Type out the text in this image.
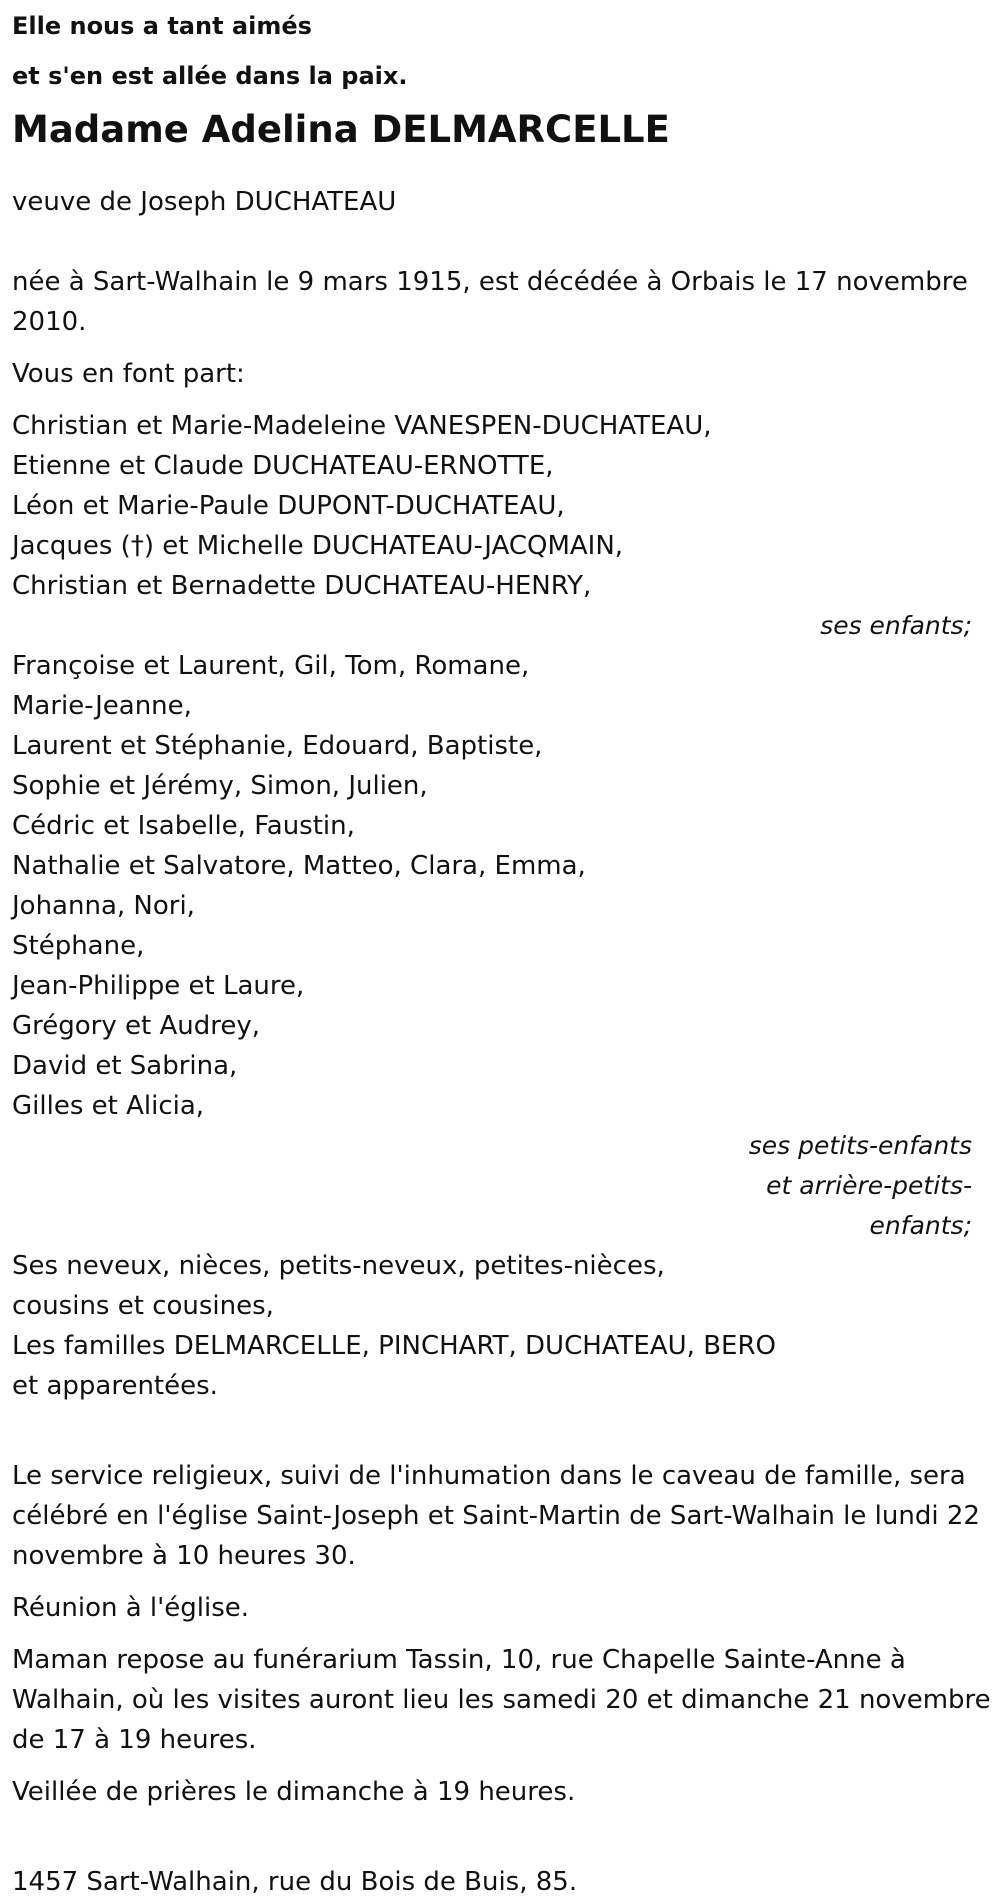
Elle nous a tant aimés

et s'en est allée dans la paix.

Madame Adelina DELMARCELLE

veuve de Joseph DUCHATEAU

née à Sart-Walhain le 9 mars 1915, est décédée à Orbais le 17 novembre 2010.

Vous en font part:

Christian et Marie-Madeleine VANESPEN-DUCHATEAU,
Etienne et Claude DUCHATEAU-ERNOTTE,
Léon et Marie-Paule DUPONT-DUCHATEAU,
Jacques (†) et Michelle DUCHATEAU-JACQMAIN,
Christian et Bernadette DUCHATEAU-HENRY,
ses enfants;
Françoise et Laurent, Gil, Tom, Romane,
Marie-Jeanne,
Laurent et Stéphanie, Edouard, Baptiste,
Sophie et Jérémy, Simon, Julien,
Cédric et Isabelle, Faustin,
Nathalie et Salvatore, Matteo, Clara, Emma,
Johanna, Nori,
Stéphane,
Jean-Philippe et Laure,
Grégory et Audrey,
David et Sabrina,
Gilles et Alicia,
ses petits-enfants
et arrière-petits-
enfants;
Ses neveux, nièces, petits-neveux, petites-nièces,
cousins et cousines,
Les familles DELMARCELLE, PINCHART, DUCHATEAU, BERO
et apparentées.

Le service religieux, suivi de l'inhumation dans le caveau de famille, sera célébré en l'église Saint-Joseph et Saint-Martin de Sart-Walhain le lundi 22 novembre à 10 heures 30.

Réunion à l'église.

Maman repose au funérarium Tassin, 10, rue Chapelle Sainte-Anne à Walhain, où les visites auront lieu les samedi 20 et dimanche 21 novembre de 17 à 19 heures.

Veillée de prières le dimanche à 19 heures.

1457 Sart-Walhain, rue du Bois de Buis, 85.
